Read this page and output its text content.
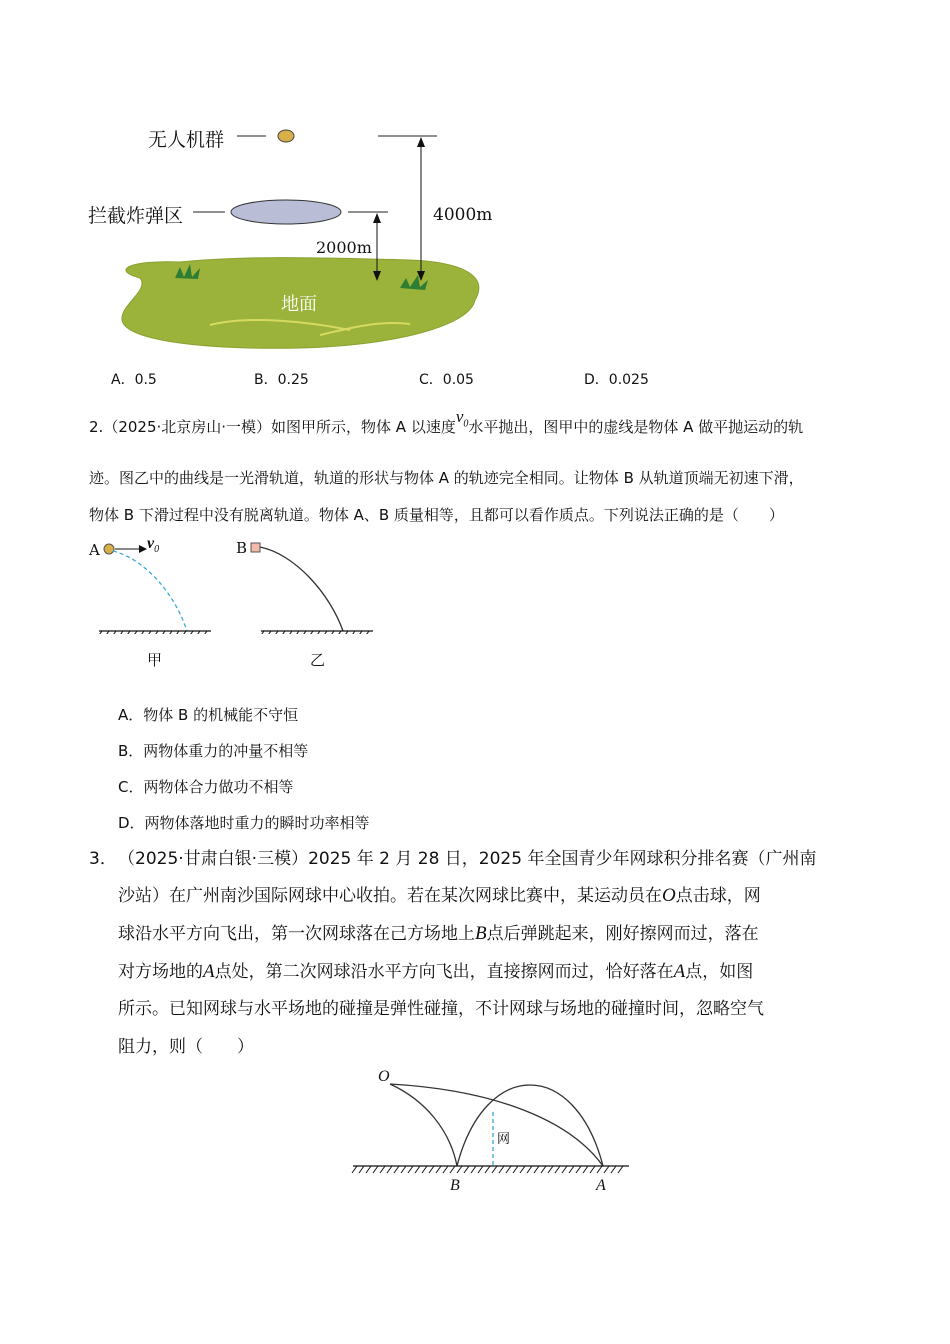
无人机群
拦截炸弹区	4000m
2000m
地面
A．0.5	B．0.25	C．0.05	D．0.025
2.（2025·北京房山·一模）如图甲所示，物体 A 以速度$v_0$水平抛出，图甲中的虚线是物体 A 做平抛运动的轨
迹。图乙中的曲线是一光滑轨道，轨道的形状与物体 A 的轨迹完全相同。让物体 B 从轨道顶端无初速下滑，
物体 B 下滑过程中没有脱离轨道。物体 A、B 质量相等，且都可以看作质点。下列说法正确的是（　　）
A	$v_0$	B
甲	乙
A．物体 B 的机械能不守恒
B．两物体重力的冲量不相等
C．两物体合力做功不相等
D．两物体落地时重力的瞬时功率相等
3． （2025·甘肃白银·三模）2025 年 2 月 28 日，2025 年全国青少年网球积分排名赛（广州南
沙站）在广州南沙国际网球中心收拍。若在某次网球比赛中，某运动员在O点击球，网
球沿水平方向飞出，第一次网球落在己方场地上B点后弹跳起来，刚好擦网而过，落在
对方场地的A点处，第二次网球沿水平方向飞出，直接擦网而过，恰好落在A点，如图
所示。已知网球与水平场地的碰撞是弹性碰撞，不计网球与场地的碰撞时间，忽略空气
阻力，则（　　）
O
B	A
网
